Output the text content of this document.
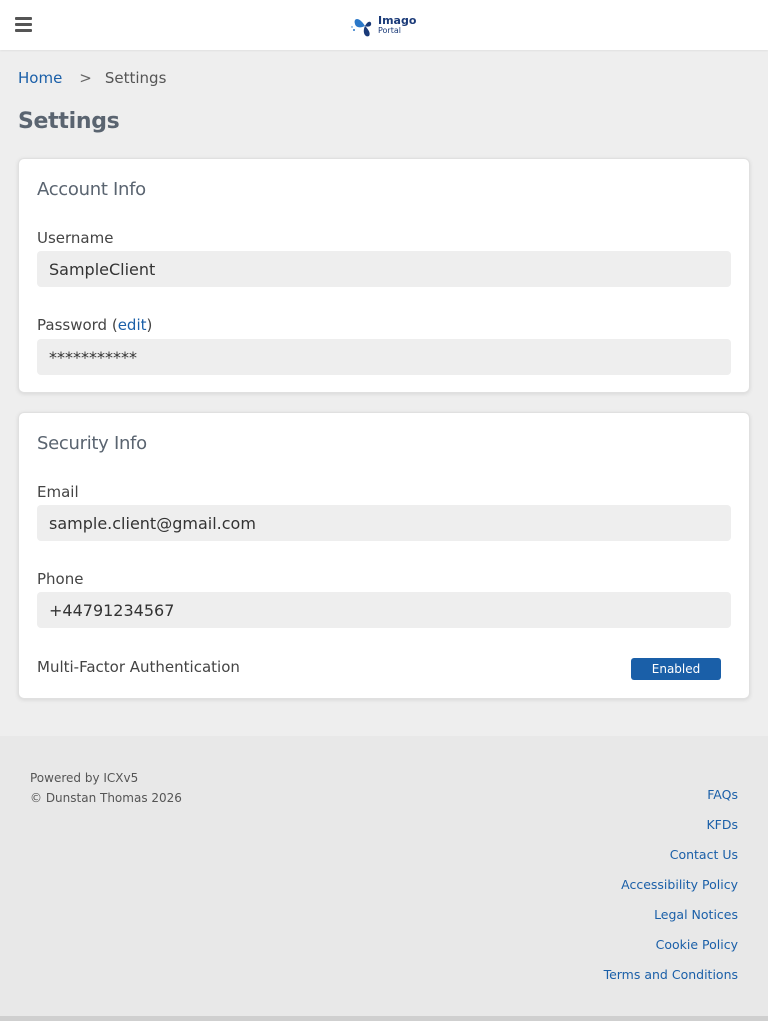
Imago
Portal
Home > Settings
Settings
Account Info
Username
SampleClient
Password (edit)
***********
Security Info
Email
sample.client@gmail.com
Phone
+44791234567
Multi-Factor Authentication	Enabled
Powered by ICXv5
© Dunstan Thomas 2026	FAQs
KFDs
Contact Us
Accessibility Policy
Legal Notices
Cookie Policy
Terms and Conditions
